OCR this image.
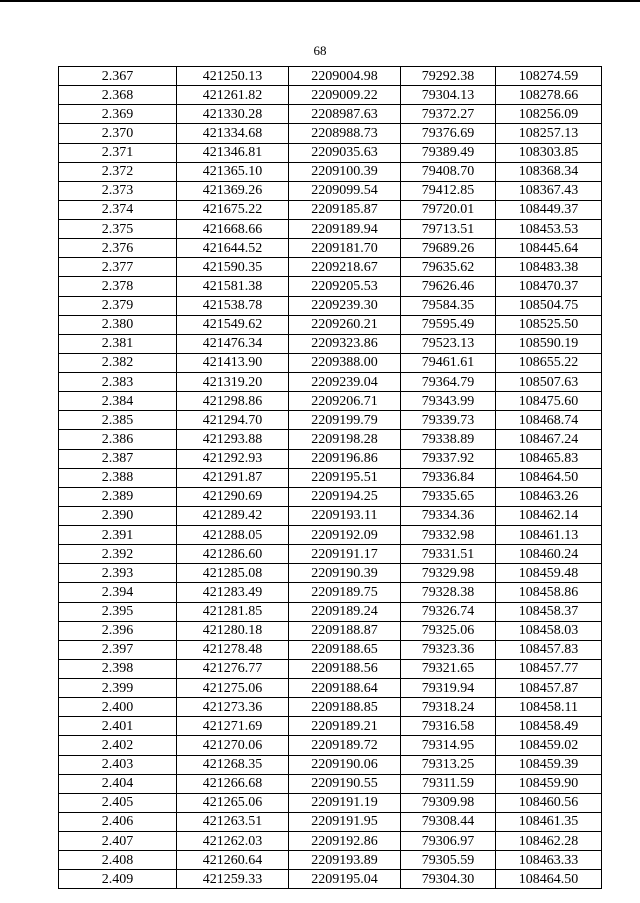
68
2.367	421250.13	2209004.98	79292.38	108274.59
2.368	421261.82	2209009.22	79304.13	108278.66
2.369	421330.28	2208987.63	79372.27	108256.09
2.370	421334.68	2208988.73	79376.69	108257.13
2.371	421346.81	2209035.63	79389.49	108303.85
2.372	421365.10	2209100.39	79408.70	108368.34
2.373	421369.26	2209099.54	79412.85	108367.43
2.374	421675.22	2209185.87	79720.01	108449.37
2.375	421668.66	2209189.94	79713.51	108453.53
2.376	421644.52	2209181.70	79689.26	108445.64
2.377	421590.35	2209218.67	79635.62	108483.38
2.378	421581.38	2209205.53	79626.46	108470.37
2.379	421538.78	2209239.30	79584.35	108504.75
2.380	421549.62	2209260.21	79595.49	108525.50
2.381	421476.34	2209323.86	79523.13	108590.19
2.382	421413.90	2209388.00	79461.61	108655.22
2.383	421319.20	2209239.04	79364.79	108507.63
2.384	421298.86	2209206.71	79343.99	108475.60
2.385	421294.70	2209199.79	79339.73	108468.74
2.386	421293.88	2209198.28	79338.89	108467.24
2.387	421292.93	2209196.86	79337.92	108465.83
2.388	421291.87	2209195.51	79336.84	108464.50
2.389	421290.69	2209194.25	79335.65	108463.26
2.390	421289.42	2209193.11	79334.36	108462.14
2.391	421288.05	2209192.09	79332.98	108461.13
2.392	421286.60	2209191.17	79331.51	108460.24
2.393	421285.08	2209190.39	79329.98	108459.48
2.394	421283.49	2209189.75	79328.38	108458.86
2.395	421281.85	2209189.24	79326.74	108458.37
2.396	421280.18	2209188.87	79325.06	108458.03
2.397	421278.48	2209188.65	79323.36	108457.83
2.398	421276.77	2209188.56	79321.65	108457.77
2.399	421275.06	2209188.64	79319.94	108457.87
2.400	421273.36	2209188.85	79318.24	108458.11
2.401	421271.69	2209189.21	79316.58	108458.49
2.402	421270.06	2209189.72	79314.95	108459.02
2.403	421268.35	2209190.06	79313.25	108459.39
2.404	421266.68	2209190.55	79311.59	108459.90
2.405	421265.06	2209191.19	79309.98	108460.56
2.406	421263.51	2209191.95	79308.44	108461.35
2.407	421262.03	2209192.86	79306.97	108462.28
2.408	421260.64	2209193.89	79305.59	108463.33
2.409	421259.33	2209195.04	79304.30	108464.50
